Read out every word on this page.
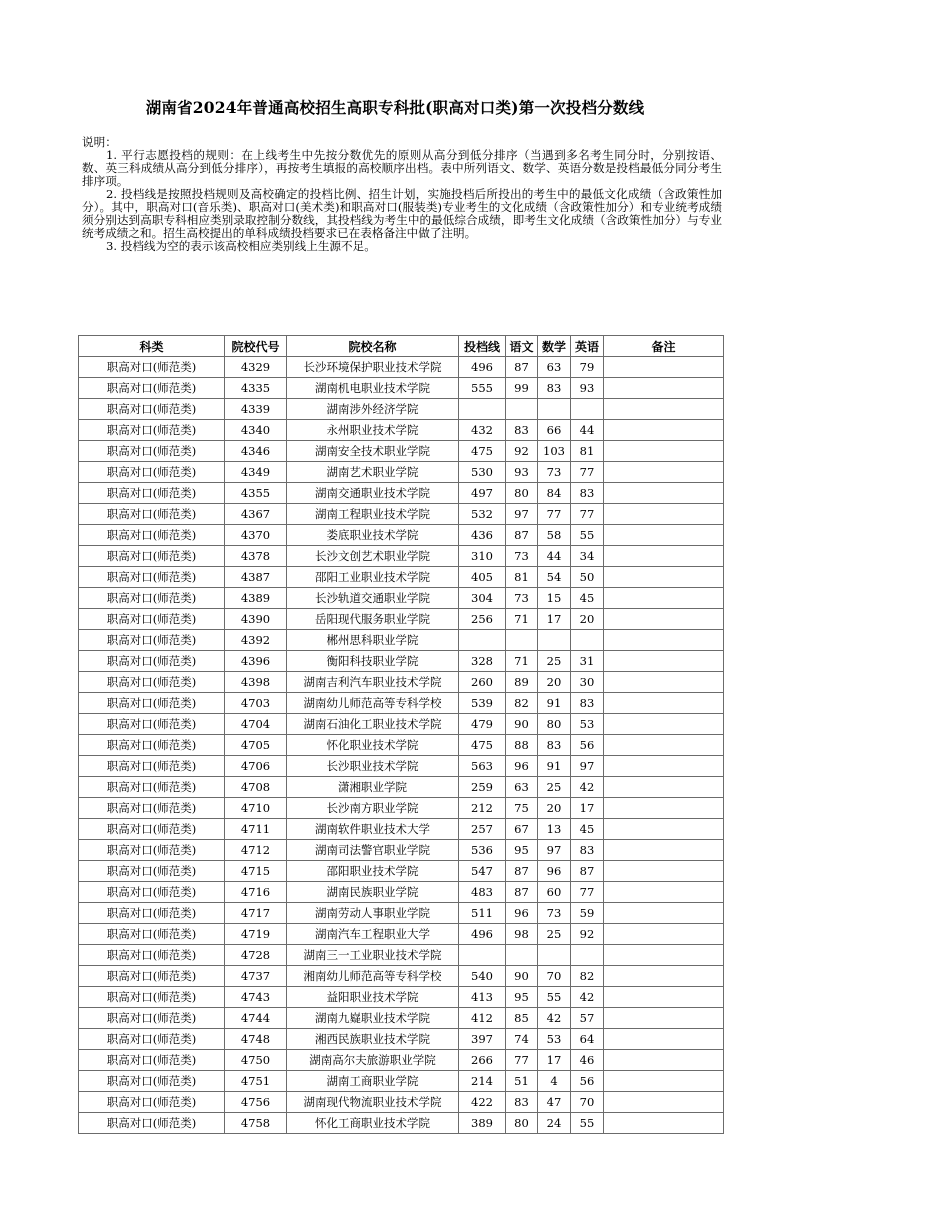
湖南省2024年普通高校招生高职专科批(职高对口类)第一次投档分数线

说明：

1. 平行志愿投档的规则：在上线考生中先按分数优先的原则从高分到低分排序（当遇到多名考生同分时，分别按语、数、英三科成绩从高分到低分排序），再按考生填报的高校顺序出档。表中所列语文、数学、英语分数是投档最低分同分考生排序项。

2. 投档线是按照投档规则及高校确定的投档比例、招生计划，实施投档后所投出的考生中的最低文化成绩（含政策性加分）。其中，职高对口(音乐类)、职高对口(美术类)和职高对口(服装类)专业考生的文化成绩（含政策性加分）和专业统考成绩须分别达到高职专科相应类别录取控制分数线，其投档线为考生中的最低综合成绩，即考生文化成绩（含政策性加分）与专业统考成绩之和。招生高校提出的单科成绩投档要求已在表格备注中做了注明。

3. 投档线为空的表示该高校相应类别线上生源不足。

科类	院校代号	院校名称	投档线	语文	数学	英语	备注
职高对口(师范类)	4329	长沙环境保护职业技术学院	496	87	63	79	
职高对口(师范类)	4335	湖南机电职业技术学院	555	99	83	93	
职高对口(师范类)	4339	湖南涉外经济学院					
职高对口(师范类)	4340	永州职业技术学院	432	83	66	44	
职高对口(师范类)	4346	湖南安全技术职业学院	475	92	103	81	
职高对口(师范类)	4349	湖南艺术职业学院	530	93	73	77	
职高对口(师范类)	4355	湖南交通职业技术学院	497	80	84	83	
职高对口(师范类)	4367	湖南工程职业技术学院	532	97	77	77	
职高对口(师范类)	4370	娄底职业技术学院	436	87	58	55	
职高对口(师范类)	4378	长沙文创艺术职业学院	310	73	44	34	
职高对口(师范类)	4387	邵阳工业职业技术学院	405	81	54	50	
职高对口(师范类)	4389	长沙轨道交通职业学院	304	73	15	45	
职高对口(师范类)	4390	岳阳现代服务职业学院	256	71	17	20	
职高对口(师范类)	4392	郴州思科职业学院					
职高对口(师范类)	4396	衡阳科技职业学院	328	71	25	31	
职高对口(师范类)	4398	湖南吉利汽车职业技术学院	260	89	20	30	
职高对口(师范类)	4703	湖南幼儿师范高等专科学校	539	82	91	83	
职高对口(师范类)	4704	湖南石油化工职业技术学院	479	90	80	53	
职高对口(师范类)	4705	怀化职业技术学院	475	88	83	56	
职高对口(师范类)	4706	长沙职业技术学院	563	96	91	97	
职高对口(师范类)	4708	潇湘职业学院	259	63	25	42	
职高对口(师范类)	4710	长沙南方职业学院	212	75	20	17	
职高对口(师范类)	4711	湖南软件职业技术大学	257	67	13	45	
职高对口(师范类)	4712	湖南司法警官职业学院	536	95	97	83	
职高对口(师范类)	4715	邵阳职业技术学院	547	87	96	87	
职高对口(师范类)	4716	湖南民族职业学院	483	87	60	77	
职高对口(师范类)	4717	湖南劳动人事职业学院	511	96	73	59	
职高对口(师范类)	4719	湖南汽车工程职业大学	496	98	25	92	
职高对口(师范类)	4728	湖南三一工业职业技术学院					
职高对口(师范类)	4737	湘南幼儿师范高等专科学校	540	90	70	82	
职高对口(师范类)	4743	益阳职业技术学院	413	95	55	42	
职高对口(师范类)	4744	湖南九嶷职业技术学院	412	85	42	57	
职高对口(师范类)	4748	湘西民族职业技术学院	397	74	53	64	
职高对口(师范类)	4750	湖南高尔夫旅游职业学院	266	77	17	46	
职高对口(师范类)	4751	湖南工商职业学院	214	51	4	56	
职高对口(师范类)	4756	湖南现代物流职业技术学院	422	83	47	70	
职高对口(师范类)	4758	怀化工商职业技术学院	389	80	24	55	
